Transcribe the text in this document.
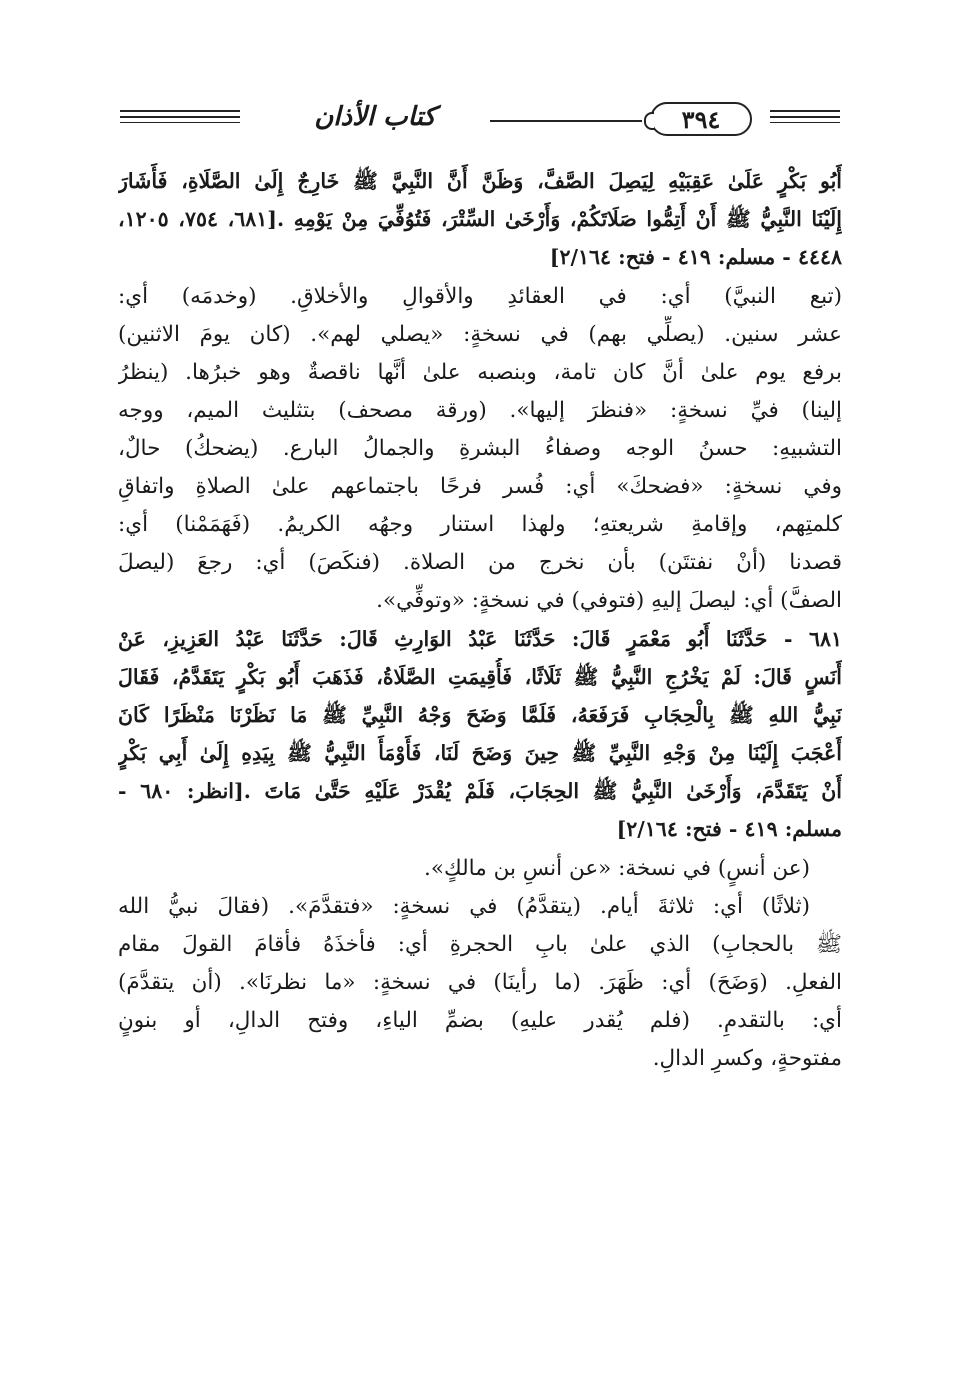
كتاب الأذان	٣٩٤
أَبُو بَكْرٍ عَلَىٰ عَقِبَيْهِ لِيَصِلَ الصَّفَّ، وَظَنَّ أَنَّ النَّبِيَّ ﷺ خَارِجٌ إِلَىٰ الصَّلَاةِ، فَأَشَارَ
إِلَيْنَا النَّبِيُّ ﷺ أَنْ أَتِمُّوا صَلَاتَكُمْ، وَأَرْخَىٰ السِّتْرَ، فَتُوُفِّيَ مِنْ يَوْمِهِ .[٦٨١، ٧٥٤، ١٢٠٥،
٤٤٤٨ - مسلم: ٤١٩ - فتح: ٢/١٦٤]
(تبع النبيَّ) أي: في العقائدِ والأقوالِ والأخلاقِ. (وخدمَه) أي:
عشر سنين. (يصلِّي بهم) في نسخةٍ: «يصلي لهم». (كان يومَ الاثنين)
برفع يوم علىٰ أنَّ كان تامة، وبنصبه علىٰ أنَّها ناقصةٌ وهو خبرُها. (ينظرُ
إلينا) فيِّ نسخةٍ: «فنظرَ إليها». (ورقة مصحف) بتثليث الميم، ووجه
التشبيهِ: حسنُ الوجه وصفاءُ البشرةِ والجمالُ البارع. (يضحكُ) حالٌ،
وفي نسخةٍ: «فضحكَ» أي: فُسر فرحًا باجتماعهم علىٰ الصلاةِ واتفاقِ
كلمتِهم، وإقامةِ شريعتهِ؛ ولهذا استنار وجهُه الكريمُ. (فَهَمَمْنا) أي:
قصدنا (أنْ نفتتَن) بأن نخرج من الصلاة. (فنكَصَ) أي: رجعَ (ليصلَ
الصفَّ) أي: ليصلَ إليهِ (فتوفي) في نسخةٍ: «وتوفِّي».
٦٨١ - حَدَّثَنَا أَبُو مَعْمَرٍ قَالَ: حَدَّثَنَا عَبْدُ الوَارِثِ قَالَ: حَدَّثَنَا عَبْدُ العَزِيزِ، عَنْ
أَنَسٍ قَالَ: لَمْ يَخْرُجِ النَّبِيُّ ﷺ ثَلَاثًا، فَأُقِيمَتِ الصَّلَاةُ، فَذَهَبَ أَبُو بَكْرٍ يَتَقَدَّمُ، فَقَالَ
نَبِيُّ اللهِ ﷺ بِالْحِجَابِ فَرَفَعَهُ، فَلَمَّا وَضَحَ وَجْهُ النَّبِيِّ ﷺ مَا نَظَرْنَا مَنْظَرًا كَانَ
أَعْجَبَ إِلَيْنَا مِنْ وَجْهِ النَّبِيِّ ﷺ حِينَ وَضَحَ لَنَا، فَأَوْمَأَ النَّبِيُّ ﷺ بِيَدِهِ إِلَىٰ أَبِي بَكْرٍ
أَنْ يَتَقَدَّمَ، وَأَرْخَىٰ النَّبِيُّ ﷺ الحِجَابَ، فَلَمْ يُقْدَرْ عَلَيْهِ حَتَّىٰ مَاتَ .[انظر: ٦٨٠ -
مسلم: ٤١٩ - فتح: ٢/١٦٤]
(عن أنسٍ) في نسخة: «عن أنسِ بن مالكٍ».
(ثلاثًا) أي: ثلاثةَ أيام. (يتقدَّمُ) في نسخةٍ: «فتقدَّمَ». (فقالَ نبيُّ الله
ﷺ بالحجابِ) الذي علىٰ بابِ الحجرةِ أي: فأخذَهُ فأقامَ القولَ مقام
الفعلِ. (وَضَحَ) أي: ظَهَرَ. (ما رأينَا) في نسخةٍ: «ما نظرنَا». (أن يتقدَّمَ)
أي: بالتقدمِ. (فلم يُقدر عليهِ) بضمِّ الياءِ، وفتح الدالِ، أو بنونٍ
مفتوحةٍ، وكسرِ الدالِ.
